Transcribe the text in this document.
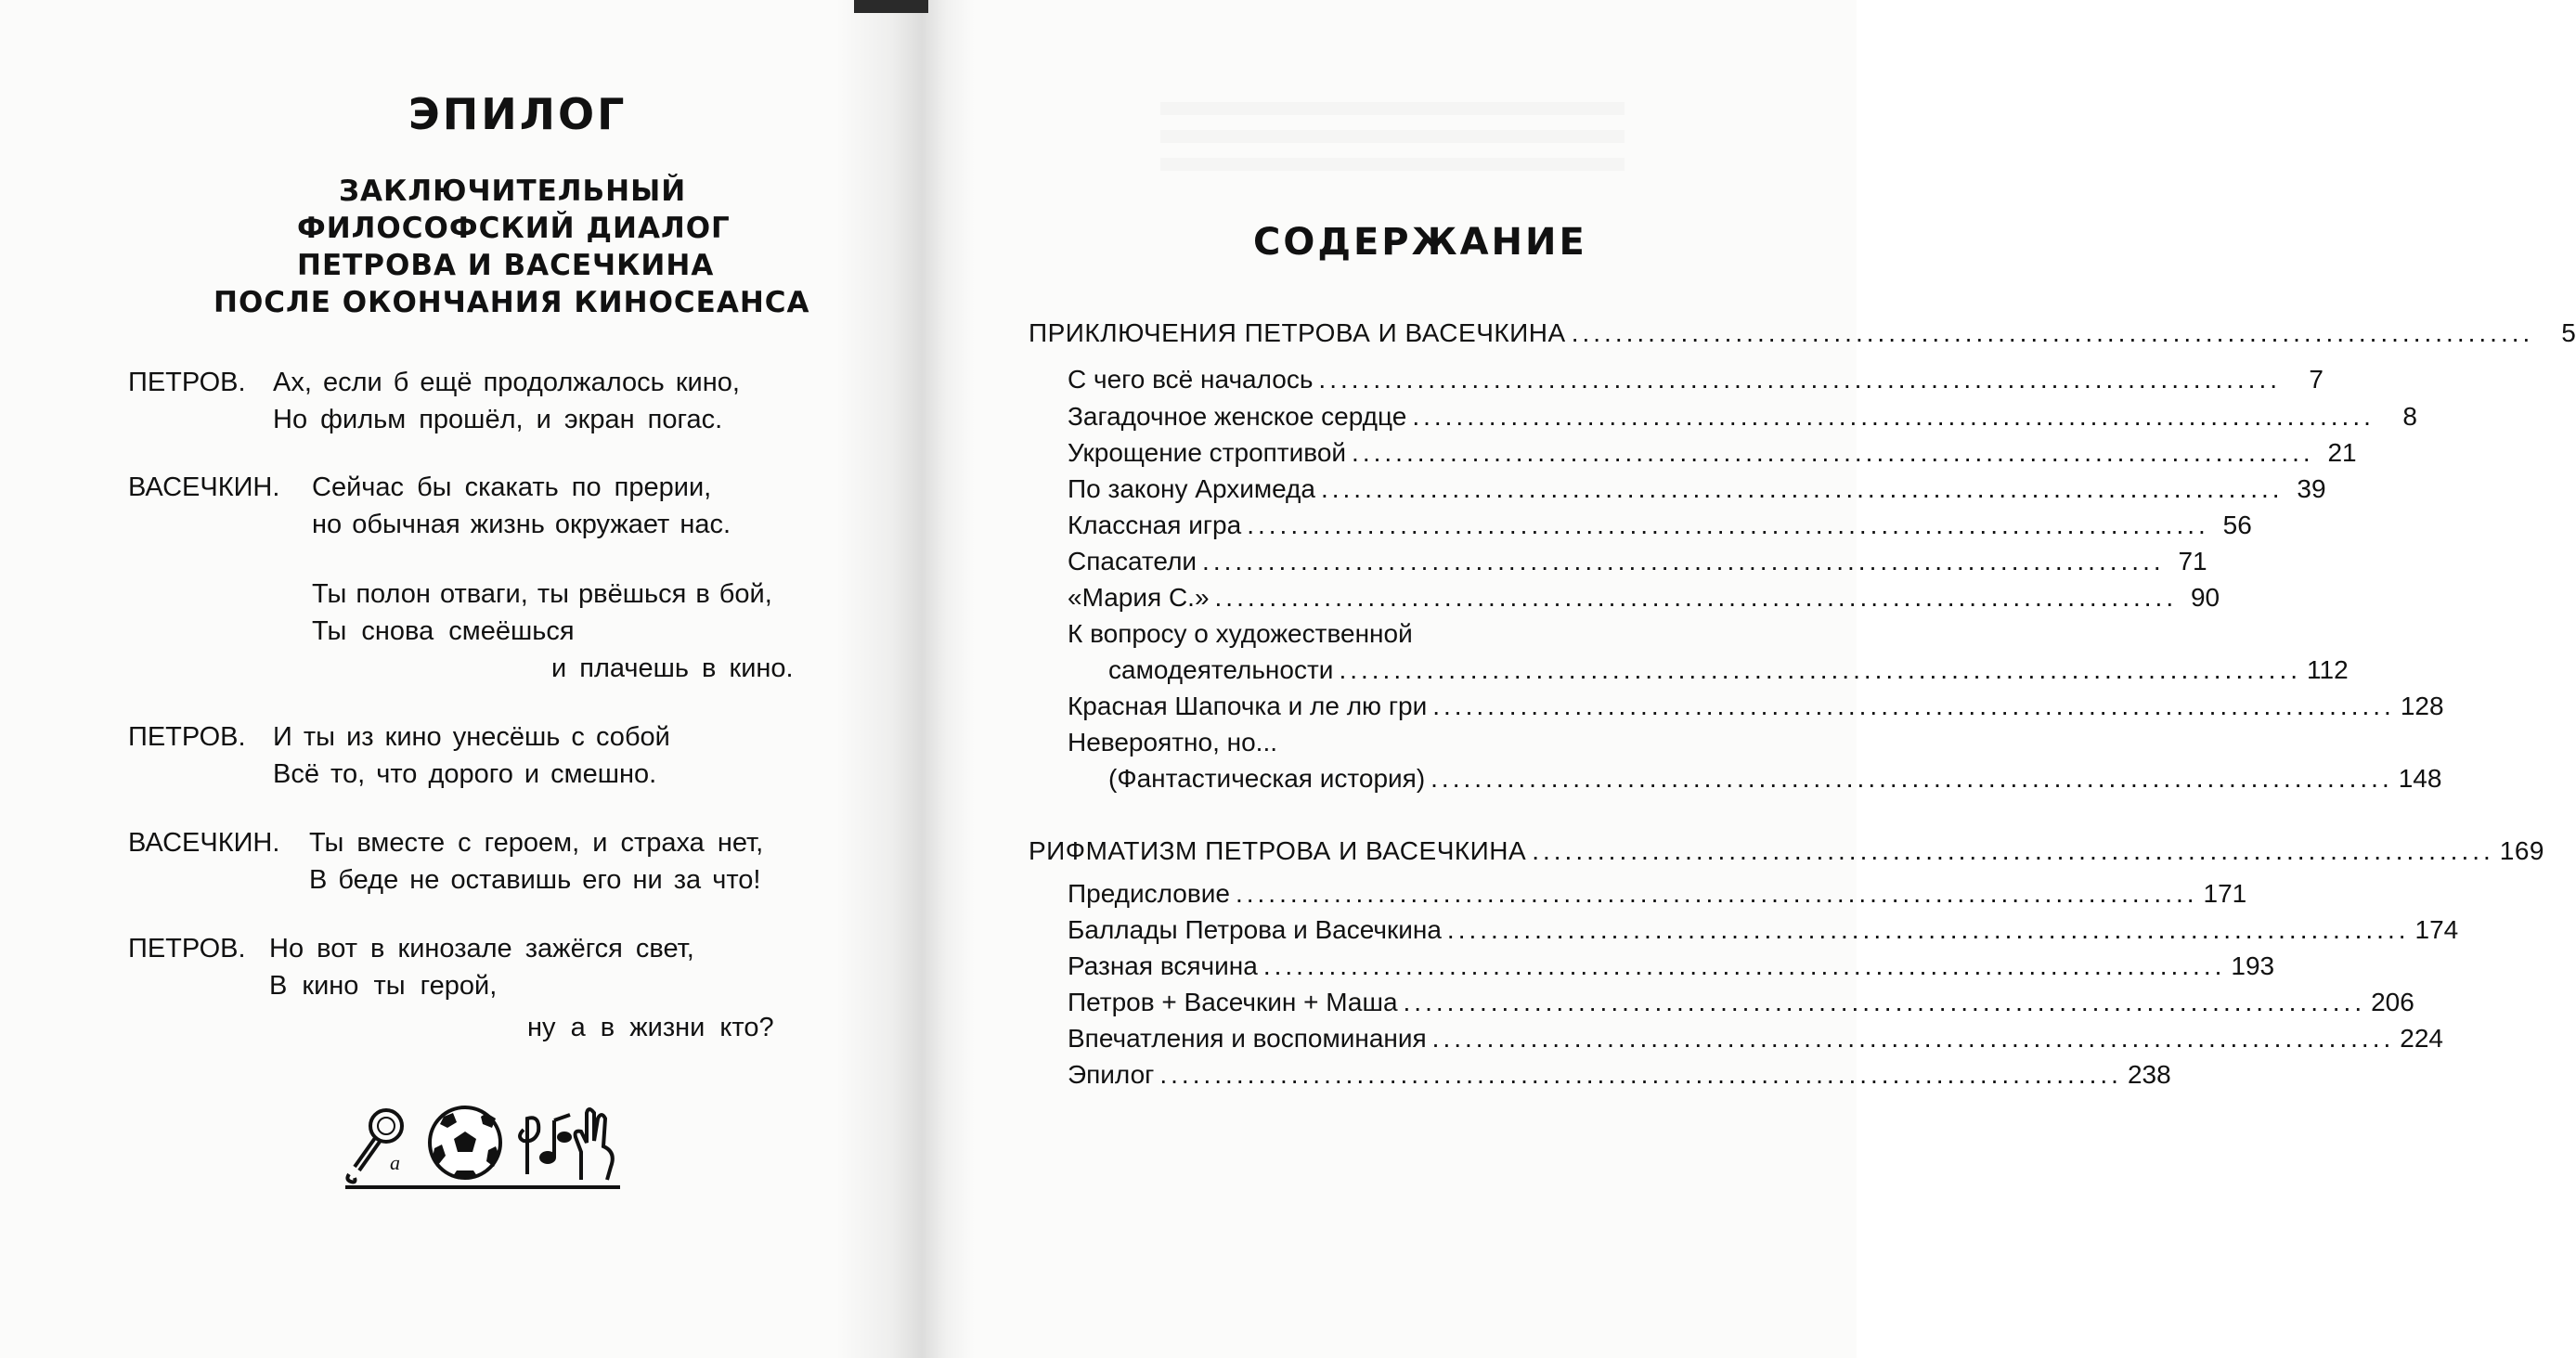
ЭПИЛОГ
ЗАКЛЮЧИТЕЛЬНЫЙ
ФИЛОСОФСКИЙ ДИАЛОГ
ПЕТРОВА И ВАСЕЧКИНА
ПОСЛЕ ОКОНЧАНИЯ КИНОСЕАНСА
ПЕТРОВ. Ах, если б ещё продолжалось кино,
Но фильм прошёл, и экран погас.
ВАСЕЧКИН. Сейчас бы скакать по прерии,
но обычная жизнь окружает нас.
Ты полон отваги, ты рвёшься в бой,
Ты снова смеёшься
и плачешь в кино.
ПЕТРОВ. И ты из кино унесёшь с собой
Всё то, что дорого и смешно.
ВАСЕЧКИН. Ты вместе с героем, и страха нет,
В беде не оставишь его ни за что!
ПЕТРОВ. Но вот в кинозале зажёгся свет,
В кино ты герой,
ну а в жизни кто?
a
СОДЕРЖАНИЕ
ПРИКЛЮЧЕНИЯ ПЕТРОВА И ВАСЕЧКИНА ........................................................................................	5
С чего всё началось ........................................................................................	7
Загадочное женское сердце ........................................................................................	8
Укрощение строптивой ........................................................................................ 21
По закону Архимеда ........................................................................................ 39
Классная игра ........................................................................................ 56
Спасатели ........................................................................................ 71
«Мария С.» ........................................................................................ 90
К вопросу о художественной
самодеятельности ........................................................................................ 112
Красная Шапочка и ле лю гри ........................................................................................ 128
Невероятно, но...
(Фантастическая история) ........................................................................................ 148
РИФМАТИЗМ ПЕТРОВА И ВАСЕЧКИНА ........................................................................................ 169
Предисловие ........................................................................................ 171
Баллады Петрова и Васечкина ........................................................................................ 174
Разная всячина ........................................................................................ 193
Петров + Васечкин + Маша ........................................................................................ 206
Впечатления и воспоминания ........................................................................................ 224
Эпилог ........................................................................................ 238
